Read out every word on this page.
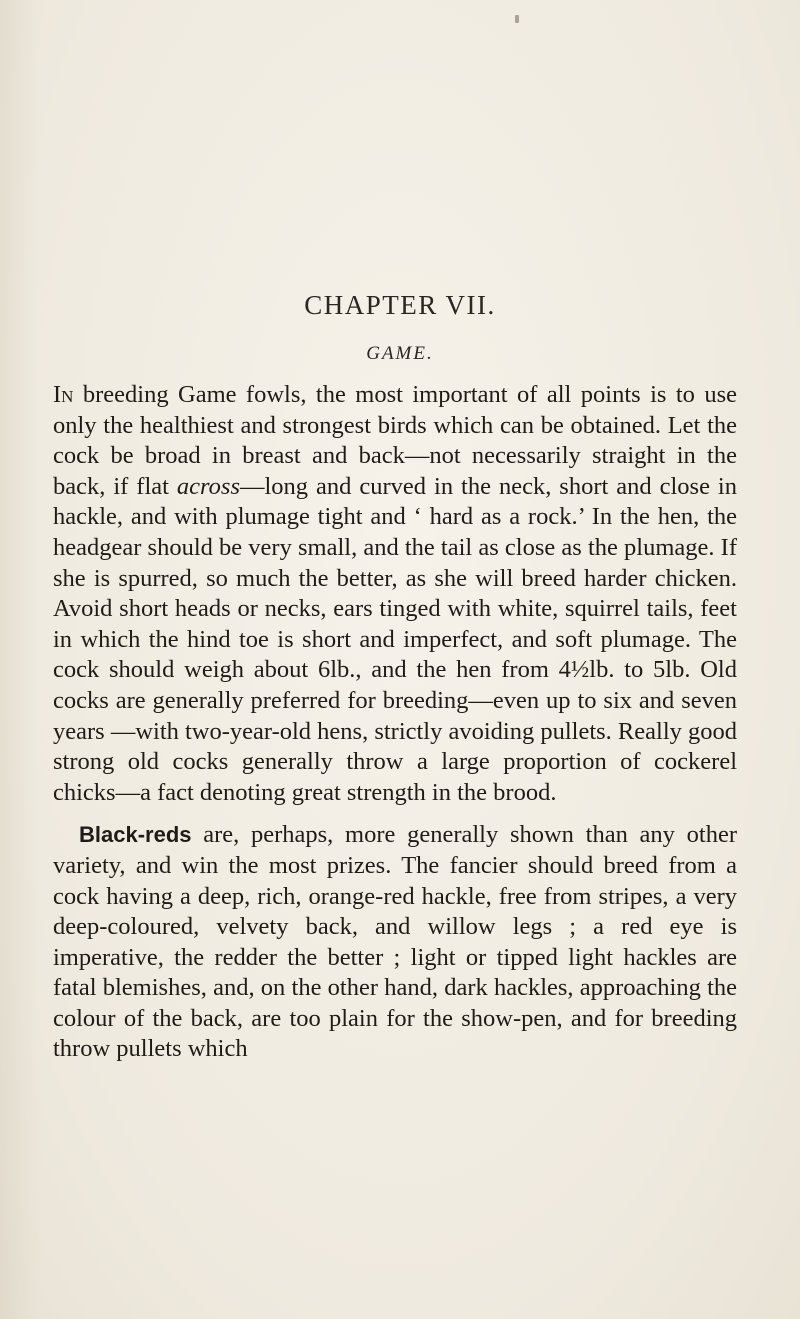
CHAPTER VII.
GAME.

In breeding Game fowls, the most important of all points is to use only the healthiest and strongest birds which can be obtained. Let the cock be broad in breast and back—not necessarily straight in the back, if flat across—long and curved in the neck, short and close in hackle, and with plumage tight and ‘ hard as a rock.’ In the hen, the headgear should be very small, and the tail as close as the plumage. If she is spurred, so much the better, as she will breed harder chicken. Avoid short heads or necks, ears tinged with white, squirrel tails, feet in which the hind toe is short and imperfect, and soft plumage. The cock should weigh about 6lb., and the hen from 4½lb. to 5lb. Old cocks are generally preferred for breeding—even up to six and seven years —with two-year-old hens, strictly avoiding pullets. Really good strong old cocks generally throw a large proportion of cockerel chicks—a fact denoting great strength in the brood.

Black-reds are, perhaps, more generally shown than any other variety, and win the most prizes. The fancier should breed from a cock having a deep, rich, orange-red hackle, free from stripes, a very deep-coloured, velvety back, and willow legs ; a red eye is imperative, the redder the better ; light or tipped light hackles are fatal blemishes, and, on the other hand, dark hackles, approaching the colour of the back, are too plain for the show-pen, and for breeding throw pullets which
